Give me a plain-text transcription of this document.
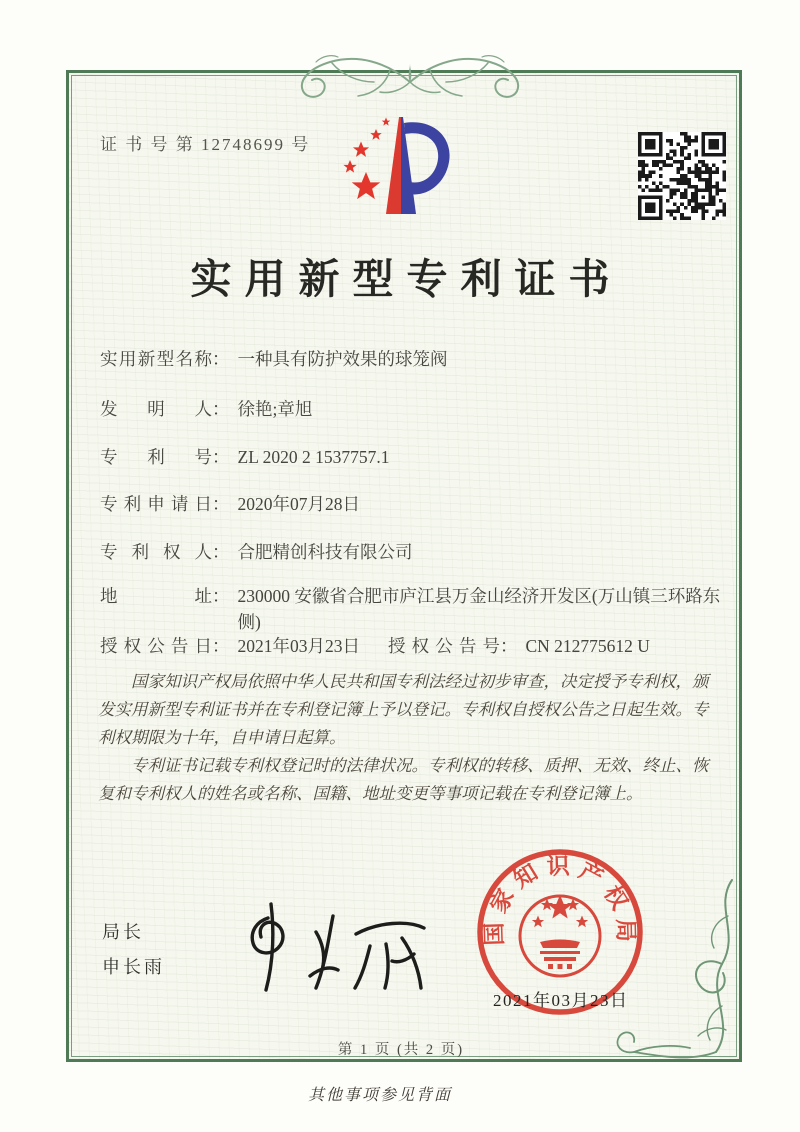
证 书 号 第 12748699 号
实用新型专利证书
实用新型名称 ： 一种具有防护效果的球笼阀
发明人 ： 徐艳;章旭
专利号 ： ZL 2020 2 1537757.1
专利申请日 ： 2020年07月28日
专利权人 ： 合肥精创科技有限公司
地址 ： 230000 安徽省合肥市庐江县万金山经济开发区(万山镇三环路东侧)
授权公告日 ： 2021年03月23日 授权公告号 ： CN 212775612 U

国家知识产权局依照中华人民共和国专利法经过初步审查，决定授予专利权，颁发实用新型专利证书并在专利登记簿上予以登记。专利权自授权公告之日起生效。专利权期限为十年，自申请日起算。

专利证书记载专利权登记时的法律状况。专利权的转移、质押、无效、终止、恢复和专利权人的姓名或名称、国籍、地址变更等事项记载在专利登记簿上。

局长
申长雨
国家知识产权局
2021年03月23日
第 1 页 (共 2 页)
其他事项参见背面
